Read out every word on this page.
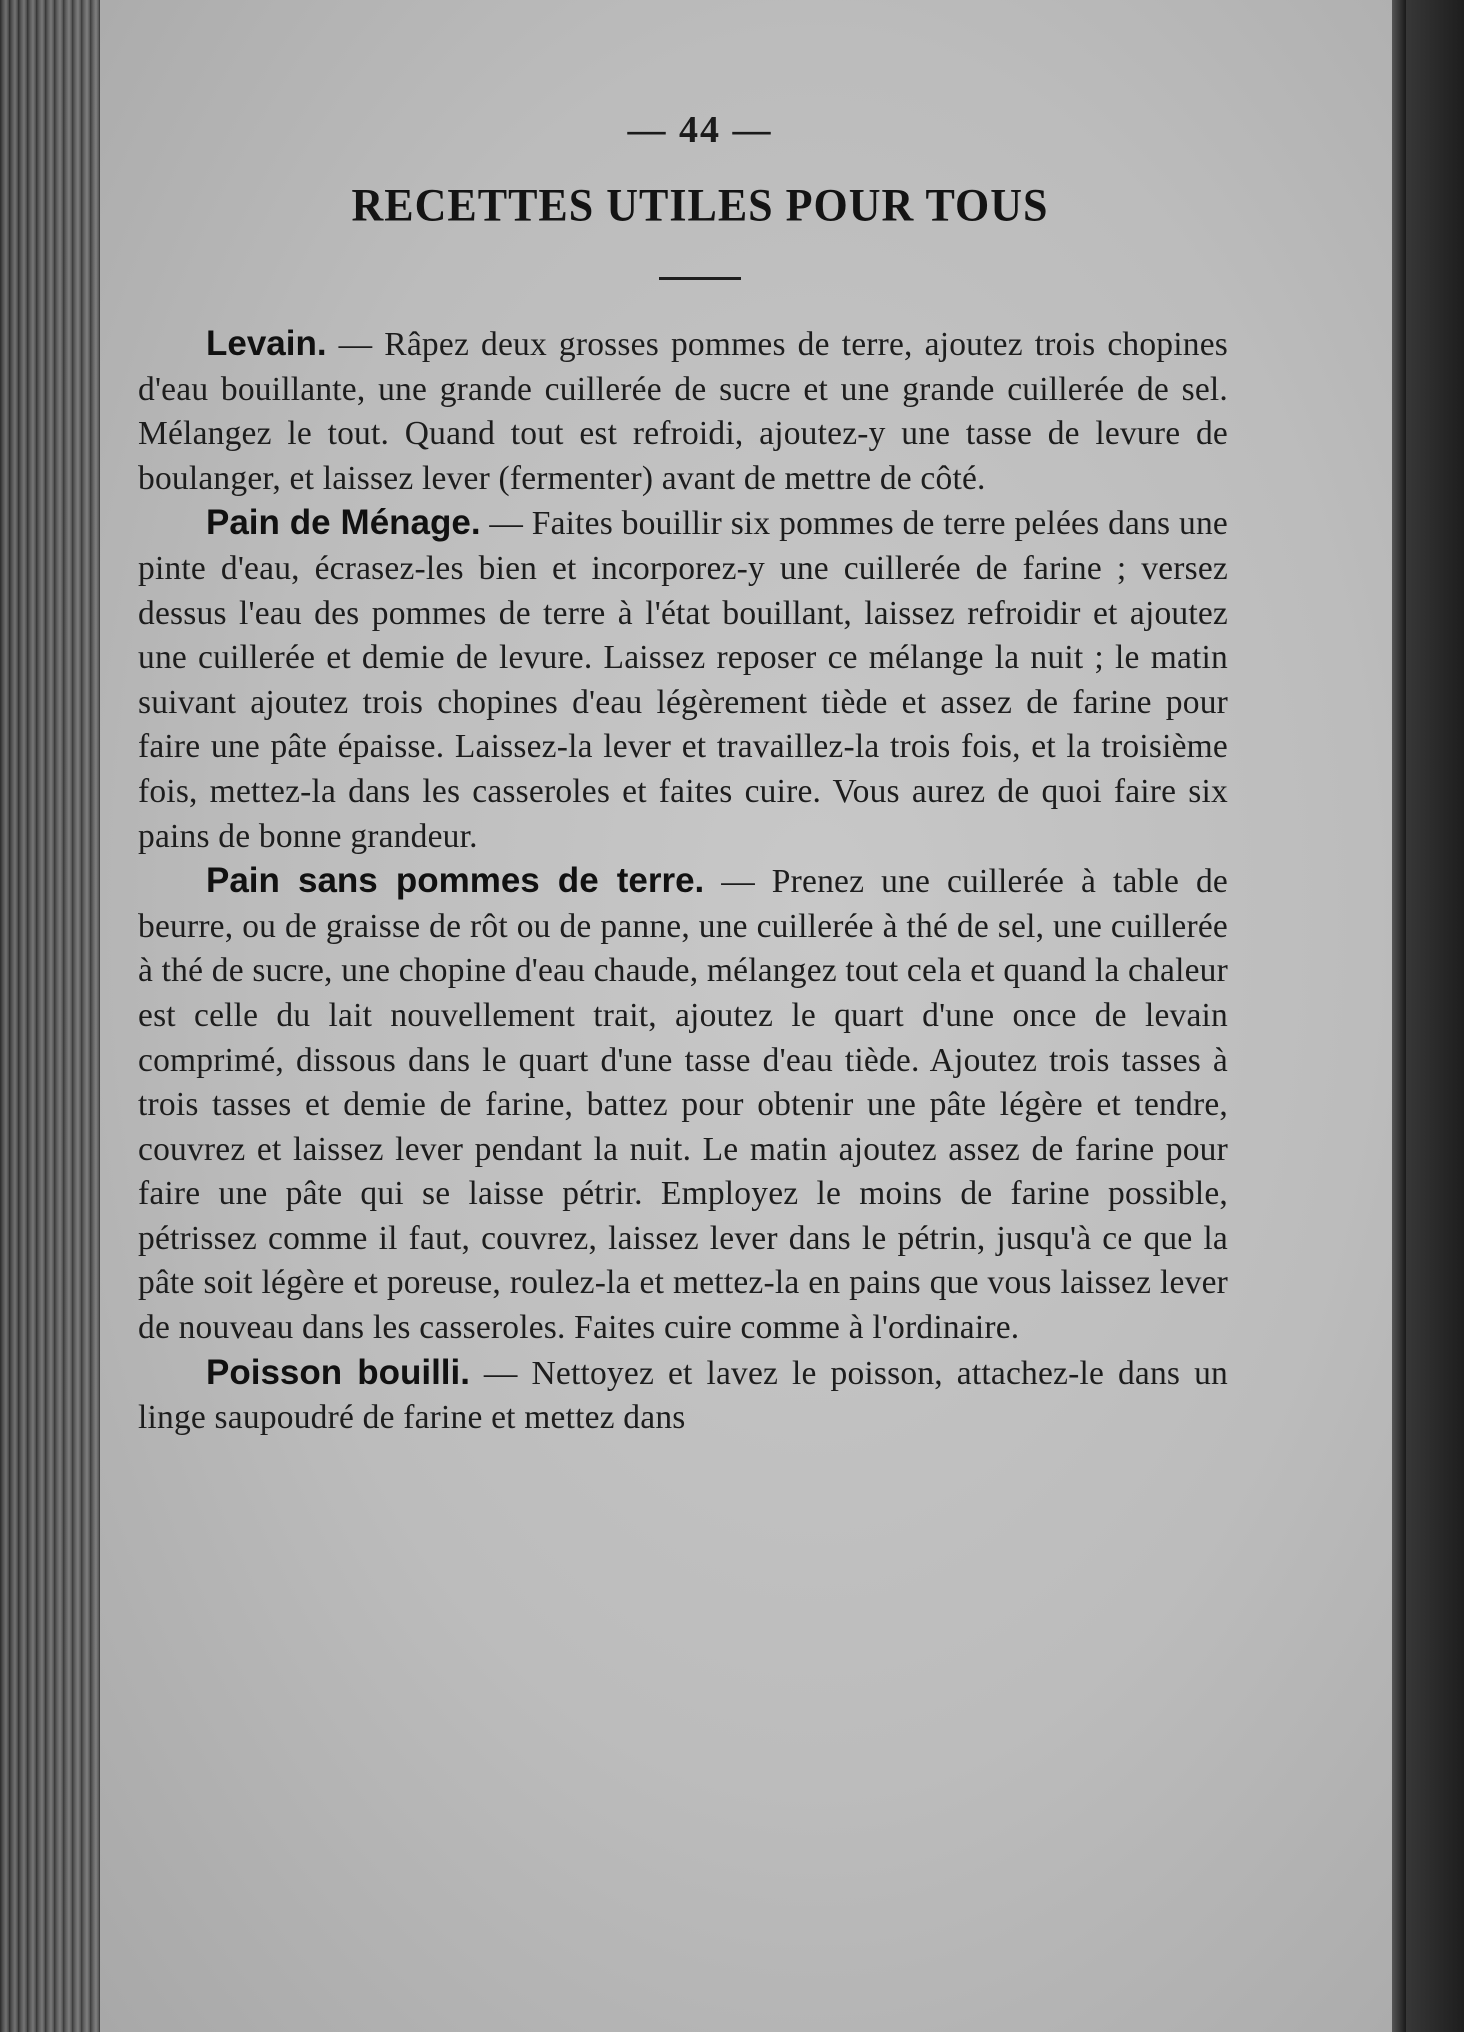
— 44 —
RECETTES UTILES POUR TOUS

Levain. — Râpez deux grosses pommes de terre, ajoutez trois chopines d'eau bouillante, une grande cuillerée de sucre et une grande cuillerée de sel. Mélangez le tout. Quand tout est refroidi, ajoutez-y une tasse de levure de boulanger, et laissez lever (fermenter) avant de mettre de côté.

Pain de Ménage. — Faites bouillir six pommes de terre pelées dans une pinte d'eau, écrasez-les bien et incorporez-y une cuillerée de farine ; versez dessus l'eau des pommes de terre à l'état bouillant, laissez refroidir et ajoutez une cuillerée et demie de levure. Laissez reposer ce mélange la nuit ; le matin suivant ajoutez trois chopines d'eau légèrement tiède et assez de farine pour faire une pâte épaisse. Laissez-la lever et travaillez-la trois fois, et la troisième fois, mettez-la dans les casseroles et faites cuire. Vous aurez de quoi faire six pains de bonne grandeur.

Pain sans pommes de terre. — Prenez une cuillerée à table de beurre, ou de graisse de rôt ou de panne, une cuillerée à thé de sel, une cuillerée à thé de sucre, une chopine d'eau chaude, mélangez tout cela et quand la chaleur est celle du lait nouvellement trait, ajoutez le quart d'une once de levain comprimé, dissous dans le quart d'une tasse d'eau tiède. Ajoutez trois tasses à trois tasses et demie de farine, battez pour obtenir une pâte légère et tendre, couvrez et laissez lever pendant la nuit. Le matin ajoutez assez de farine pour faire une pâte qui se laisse pétrir. Employez le moins de farine possible, pétrissez comme il faut, couvrez, laissez lever dans le pétrin, jusqu'à ce que la pâte soit légère et poreuse, roulez-la et mettez-la en pains que vous laissez lever de nouveau dans les casseroles. Faites cuire comme à l'ordinaire.

Poisson bouilli. — Nettoyez et lavez le poisson, attachez-le dans un linge saupoudré de farine et mettez dans
